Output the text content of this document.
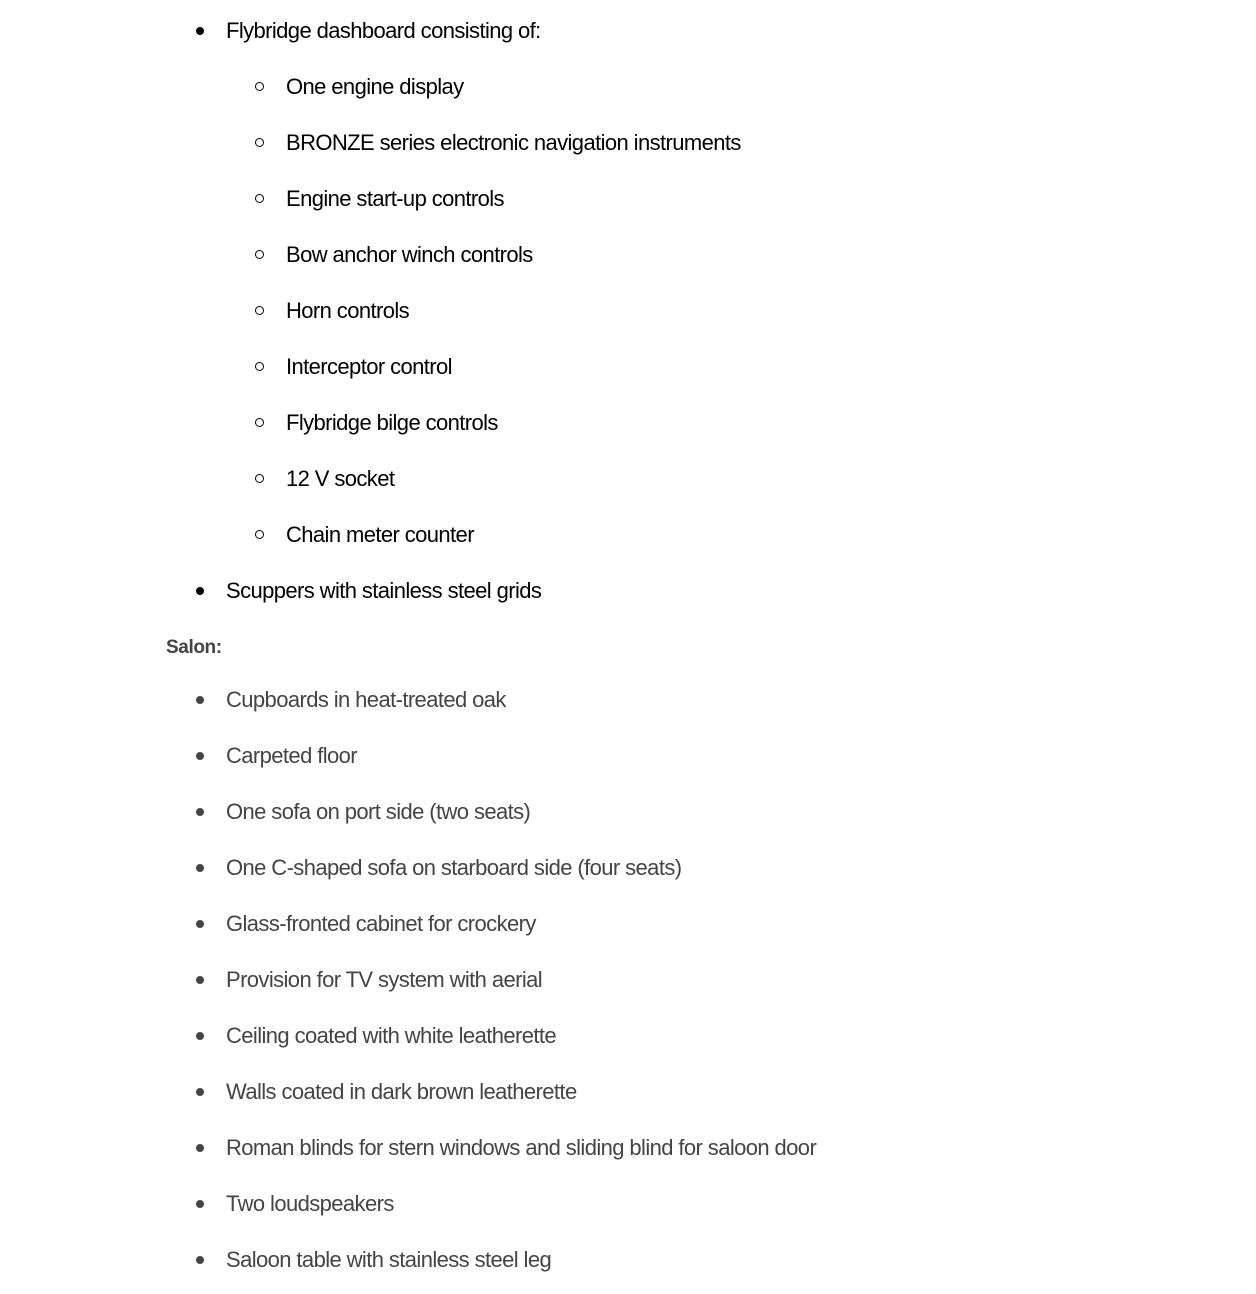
Flybridge dashboard consisting of:
One engine display
BRONZE series electronic navigation instruments
Engine start-up controls
Bow anchor winch controls
Horn controls
Interceptor control
Flybridge bilge controls
12 V socket
Chain meter counter
Scuppers with stainless steel grids
Salon:
Cupboards in heat-treated oak
Carpeted floor
One sofa on port side (two seats)
One C-shaped sofa on starboard side (four seats)
Glass-fronted cabinet for crockery
Provision for TV system with aerial
Ceiling coated with white leatherette
Walls coated in dark brown leatherette
Roman blinds for stern windows and sliding blind for saloon door
Two loudspeakers
Saloon table with stainless steel leg
